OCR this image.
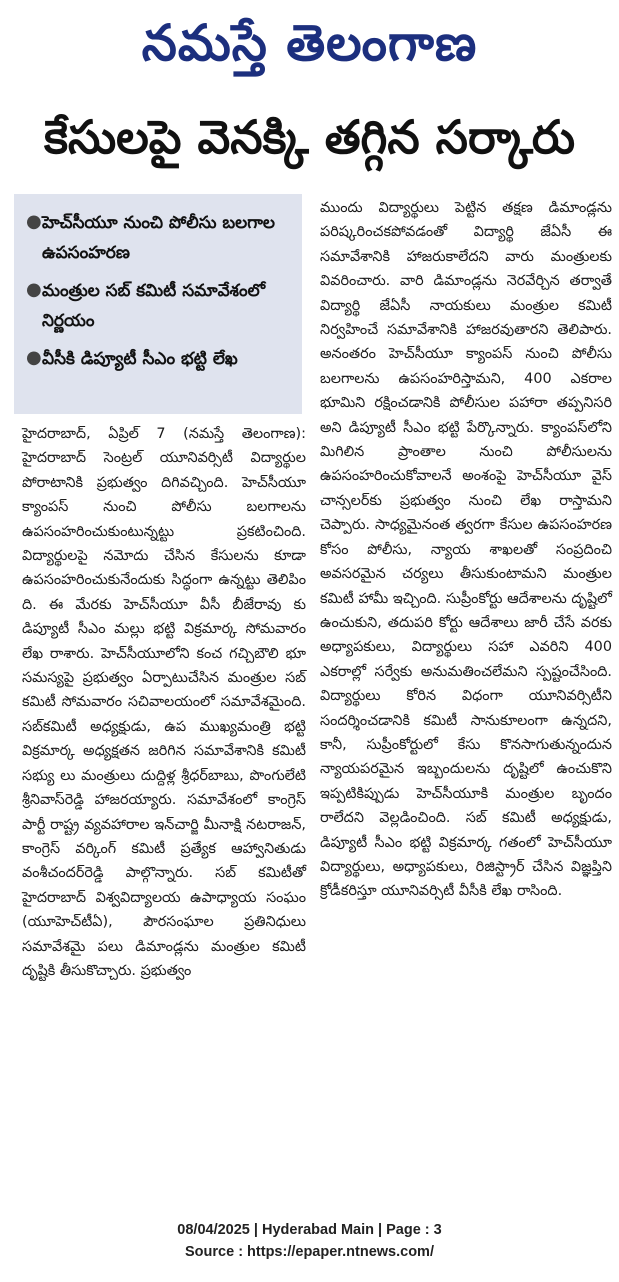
నమస్తే తెలంగాణ
కేసులపై వెనక్కి తగ్గిన సర్కారు
● హెచ్‌సీయూ నుంచి పోలీసు బలగాల ఉపసంహరణ
● మంత్రుల సబ్ కమిటీ సమావేశంలో నిర్ణయం
● వీసీకి డిప్యూటీ సీఎం భట్టి లేఖ
హైదరాబాద్, ఏప్రిల్ 7 (నమస్తే తెలంగాణ): హైదరాబాద్ సెంట్రల్ యూనివర్సిటీ విద్యార్థుల పోరాటానికి ప్రభుత్వం దిగివచ్చింది. హెచ్‌సీయూ క్యాంపస్ నుంచి పోలీసు బలగాలను ఉపసంహరించుకుంటున్నట్టు ప్రకటించింది. విద్యార్థులపై నమోదు చేసిన కేసులను కూడా ఉపసంహరించుకునేందుకు సిద్ధంగా ఉన్నట్టు తెలిపిం ది. ఈ మేరకు హెచ్‌సీయూ వీసీ బీజేరావు కు డిప్యూటీ సీఎం మల్లు భట్టి విక్రమార్క సోమవారం లేఖ రాశారు. హెచ్‌సీయూలోని కంచ గచ్చిబౌలి భూ సమస్యపై ప్రభుత్వం ఏర్పాటుచేసిన మంత్రుల సబ్ కమిటీ సోమవారం సచివాలయంలో సమావేశమైంది. సబ్‌కమిటీ అధ్యక్షుడు, ఉప ముఖ్యమంత్రి భట్టి విక్రమార్క అధ్యక్షతన జరిగిన సమావేశానికి కమిటీ సభ్యు లు మంత్రులు దుద్దిళ్ల శ్రీధర్‌బాబు, పొంగులేటి శ్రీనివాస్‌రెడ్డి హాజరయ్యారు. సమావేశంలో కాంగ్రెస్ పార్టీ రాష్ట్ర వ్యవహారాల ఇన్‌చార్జి మీనాక్షి నటరాజన్, కాంగ్రెస్ వర్కింగ్ కమిటీ ప్రత్యేక ఆహ్వానితుడు వంశీచందర్‌రెడ్డి పాల్గొన్నారు. సబ్ కమిటీతో హైదరాబాద్ విశ్వవిద్యాలయ ఉపాధ్యాయ సంఘం (యూహెచ్‌టీఏ), పౌరసంఘాల ప్రతినిధులు సమావేశమై పలు డిమాండ్లను మంత్రుల కమిటీ దృష్టికి తీసుకొచ్చారు. ప్రభుత్వం
ముందు విద్యార్థులు పెట్టిన తక్షణ డిమాండ్లను పరిష్కరించకపోవడంతో విద్యార్థి జేఏసీ ఈ సమావేశానికి హాజరుకాలేదని వారు మంత్రులకు వివరించారు. వారి డిమాండ్లను నెరవేర్చిన తర్వాతే విద్యార్థి జేఏసీ నాయకులు మంత్రుల కమిటీ నిర్వహించే సమావేశానికి హాజరవుతారని తెలిపారు. అనంతరం హెచ్‌సీయూ క్యాంపస్ నుంచి పోలీసు బలగాలను ఉపసంహరిస్తామని, 400 ఎకరాల భూమిని రక్షించడానికి పోలీసుల పహారా తప్పనిసరి అని డిప్యూటీ సీఎం భట్టి పేర్కొన్నారు. క్యాంపస్‌లోని మిగిలిన ప్రాంతాల నుంచి పోలీసులను ఉపసంహరించుకోవాలనే అంశంపై హెచ్‌సీయూ వైస్ చాన్సలర్‌కు ప్రభుత్వం నుంచి లేఖ రాస్తామని చెప్పారు. సాధ్యమైనంత త్వరగా కేసుల ఉపసంహరణ కోసం పోలీసు, న్యాయ శాఖలతో సంప్రదించి అవసరమైన చర్యలు తీసుకుంటామని మంత్రుల కమిటీ హామీ ఇచ్చింది. సుప్రీంకోర్టు ఆదేశాలను దృష్టిలో ఉంచుకుని, తదుపరి కోర్టు ఆదేశాలు జారీ చేసే వరకు అధ్యాపకులు, విద్యార్థులు సహా ఎవరిని 400 ఎకరాల్లో సర్వేకు అనుమతించలేమని స్పష్టంచేసింది. విద్యార్థులు కోరిన విధంగా యూనివర్సిటీని సందర్శించడానికి కమిటీ సానుకూలంగా ఉన్నదని, కానీ, సుప్రీంకోర్టులో కేసు కొనసాగుతున్నందున న్యాయపరమైన ఇబ్బందులను దృష్టిలో ఉంచుకొని ఇప్పటికిప్పుడు హెచ్‌సీయూకి మంత్రుల బృందం రాలేదని వెల్లడించింది. సబ్ కమిటీ అధ్యక్షుడు, డిప్యూటీ సీఎం భట్టి విక్రమార్క గతంలో హెచ్‌సీయూ విద్యార్థులు, అధ్యాపకులు, రిజిస్ట్రార్ చేసిన విజ్ఞప్తిని క్రోడీకరిస్తూ యూనివర్సిటీ వీసీకి లేఖ రాసింది.
08/04/2025 | Hyderabad Main | Page : 3
Source : https://epaper.ntnews.com/
